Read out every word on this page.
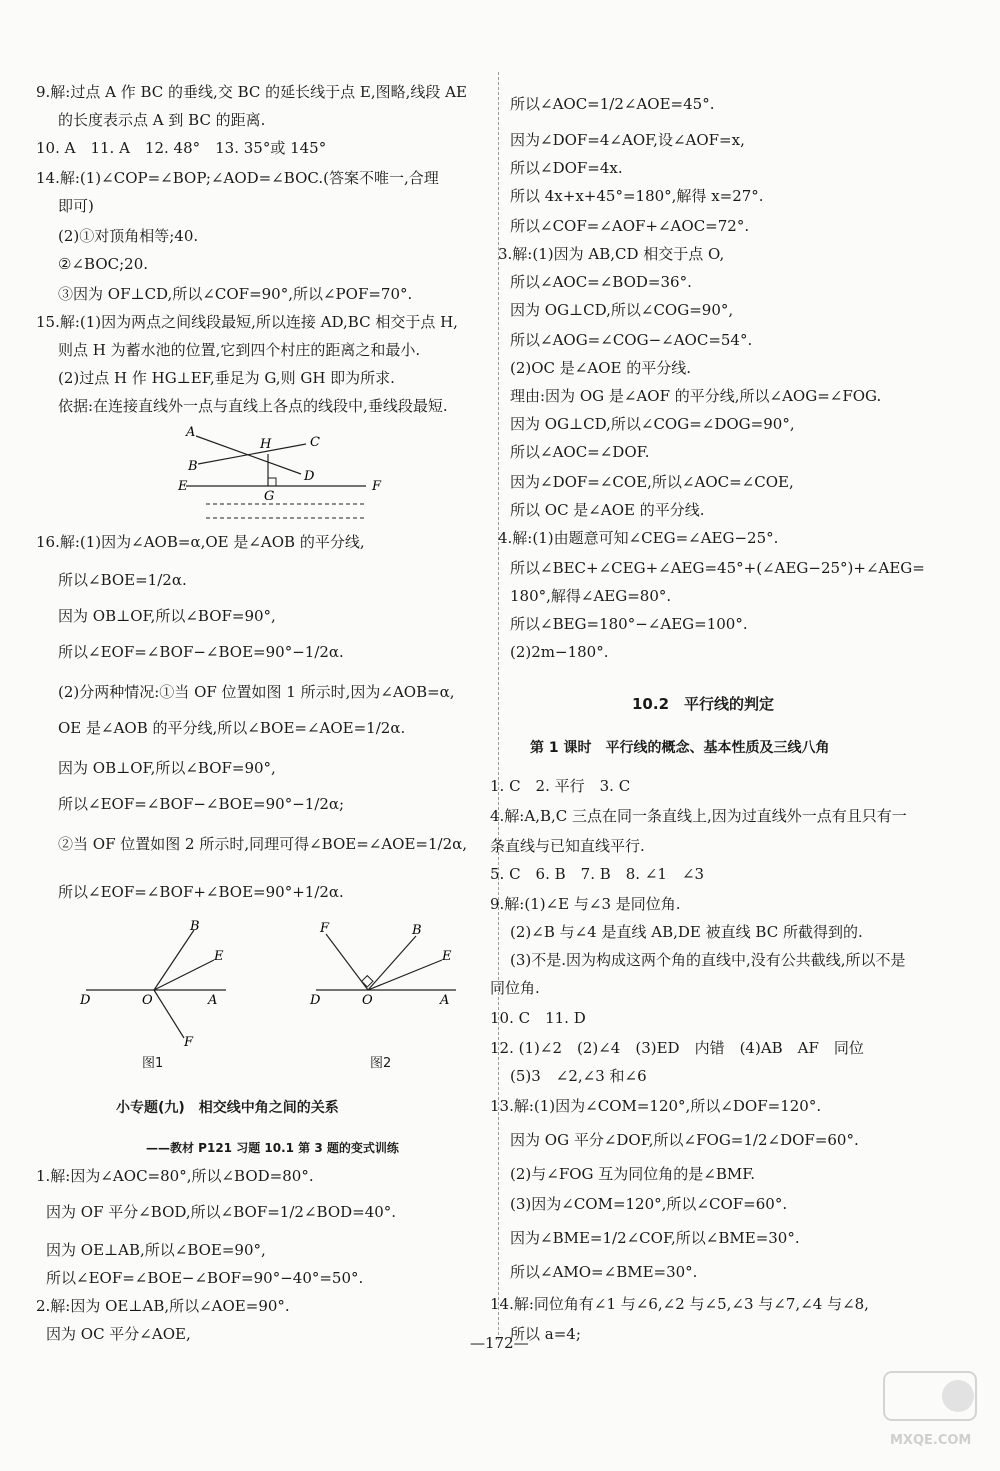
9.解:过点 A 作 BC 的垂线,交 BC 的延长线于点 E,图略,线段 AE
的长度表示点 A 到 BC 的距离.
10. A　11. A　12. 48°　13. 35°或 145°
14.解:(1)∠COP=∠BOP;∠AOD=∠BOC.(答案不唯一,合理
即可)
(2)①对顶角相等;40.
②∠BOC;20.
③因为 OF⊥CD,所以∠COF=90°,所以∠POF=70°.
15.解:(1)因为两点之间线段最短,所以连接 AD,BC 相交于点 H,
则点 H 为蓄水池的位置,它到四个村庄的距离之和最小.
(2)过点 H 作 HG⊥EF,垂足为 G,则 GH 即为所求.
依据:在连接直线外一点与直线上各点的线段中,垂线段最短.
A
H	C
B
D
E
G
F
16.解:(1)因为∠AOB=α,OE 是∠AOB 的平分线,
所以∠BOE=1/2α.
因为 OB⊥OF,所以∠BOF=90°,
所以∠EOF=∠BOF−∠BOE=90°−1/2α.
(2)分两种情况:①当 OF 位置如图 1 所示时,因为∠AOB=α,
OE 是∠AOB 的平分线,所以∠BOE=∠AOE=1/2α.
因为 OB⊥OF,所以∠BOF=90°,
所以∠EOF=∠BOF−∠BOE=90°−1/2α;
②当 OF 位置如图 2 所示时,同理可得∠BOE=∠AOE=1/2α,
所以∠EOF=∠BOF+∠BOE=90°+1/2α.
B
E
D	O	A
F
F	B
E
D	O	A
图1	图2
小专题(九)　相交线中角之间的关系
——教材 P121 习题 10.1 第 3 题的变式训练
1.解:因为∠AOC=80°,所以∠BOD=80°.
因为 OF 平分∠BOD,所以∠BOF=1/2∠BOD=40°.
因为 OE⊥AB,所以∠BOE=90°,
所以∠EOF=∠BOE−∠BOF=90°−40°=50°.
2.解:因为 OE⊥AB,所以∠AOE=90°.
因为 OC 平分∠AOE,
所以∠AOC=1/2∠AOE=45°.
因为∠DOF=4∠AOF,设∠AOF=x,
所以∠DOF=4x.
所以 4x+x+45°=180°,解得 x=27°.
所以∠COF=∠AOF+∠AOC=72°.
3.解:(1)因为 AB,CD 相交于点 O,
所以∠AOC=∠BOD=36°.
因为 OG⊥CD,所以∠COG=90°,
所以∠AOG=∠COG−∠AOC=54°.
(2)OC 是∠AOE 的平分线.
理由:因为 OG 是∠AOF 的平分线,所以∠AOG=∠FOG.
因为 OG⊥CD,所以∠COG=∠DOG=90°,
所以∠AOC=∠DOF.
因为∠DOF=∠COE,所以∠AOC=∠COE,
所以 OC 是∠AOE 的平分线.
4.解:(1)由题意可知∠CEG=∠AEG−25°.
所以∠BEC+∠CEG+∠AEG=45°+(∠AEG−25°)+∠AEG=
180°,解得∠AEG=80°.
所以∠BEG=180°−∠AEG=100°.
(2)2m−180°.
10.2　平行线的判定
第 1 课时　平行线的概念、基本性质及三线八角
1. C　2. 平行　3. C
4.解:A,B,C 三点在同一条直线上,因为过直线外一点有且只有一
条直线与已知直线平行.
5. C　6. B　7. B　8. ∠1　∠3
9.解:(1)∠E 与∠3 是同位角.
(2)∠B 与∠4 是直线 AB,DE 被直线 BC 所截得到的.
(3)不是.因为构成这两个角的直线中,没有公共截线,所以不是
同位角.
10. C　11. D
12. (1)∠2　(2)∠4　(3)ED　内错　(4)AB　AF　同位
(5)3　∠2,∠3 和∠6
13.解:(1)因为∠COM=120°,所以∠DOF=120°.
因为 OG 平分∠DOF,所以∠FOG=1/2∠DOF=60°.
(2)与∠FOG 互为同位角的是∠BMF.
(3)因为∠COM=120°,所以∠COF=60°.
因为∠BME=1/2∠COF,所以∠BME=30°.
所以∠AMO=∠BME=30°.
14.解:同位角有∠1 与∠6,∠2 与∠5,∠3 与∠7,∠4 与∠8,
所以 a=4;
—172—
MXQE.COM
